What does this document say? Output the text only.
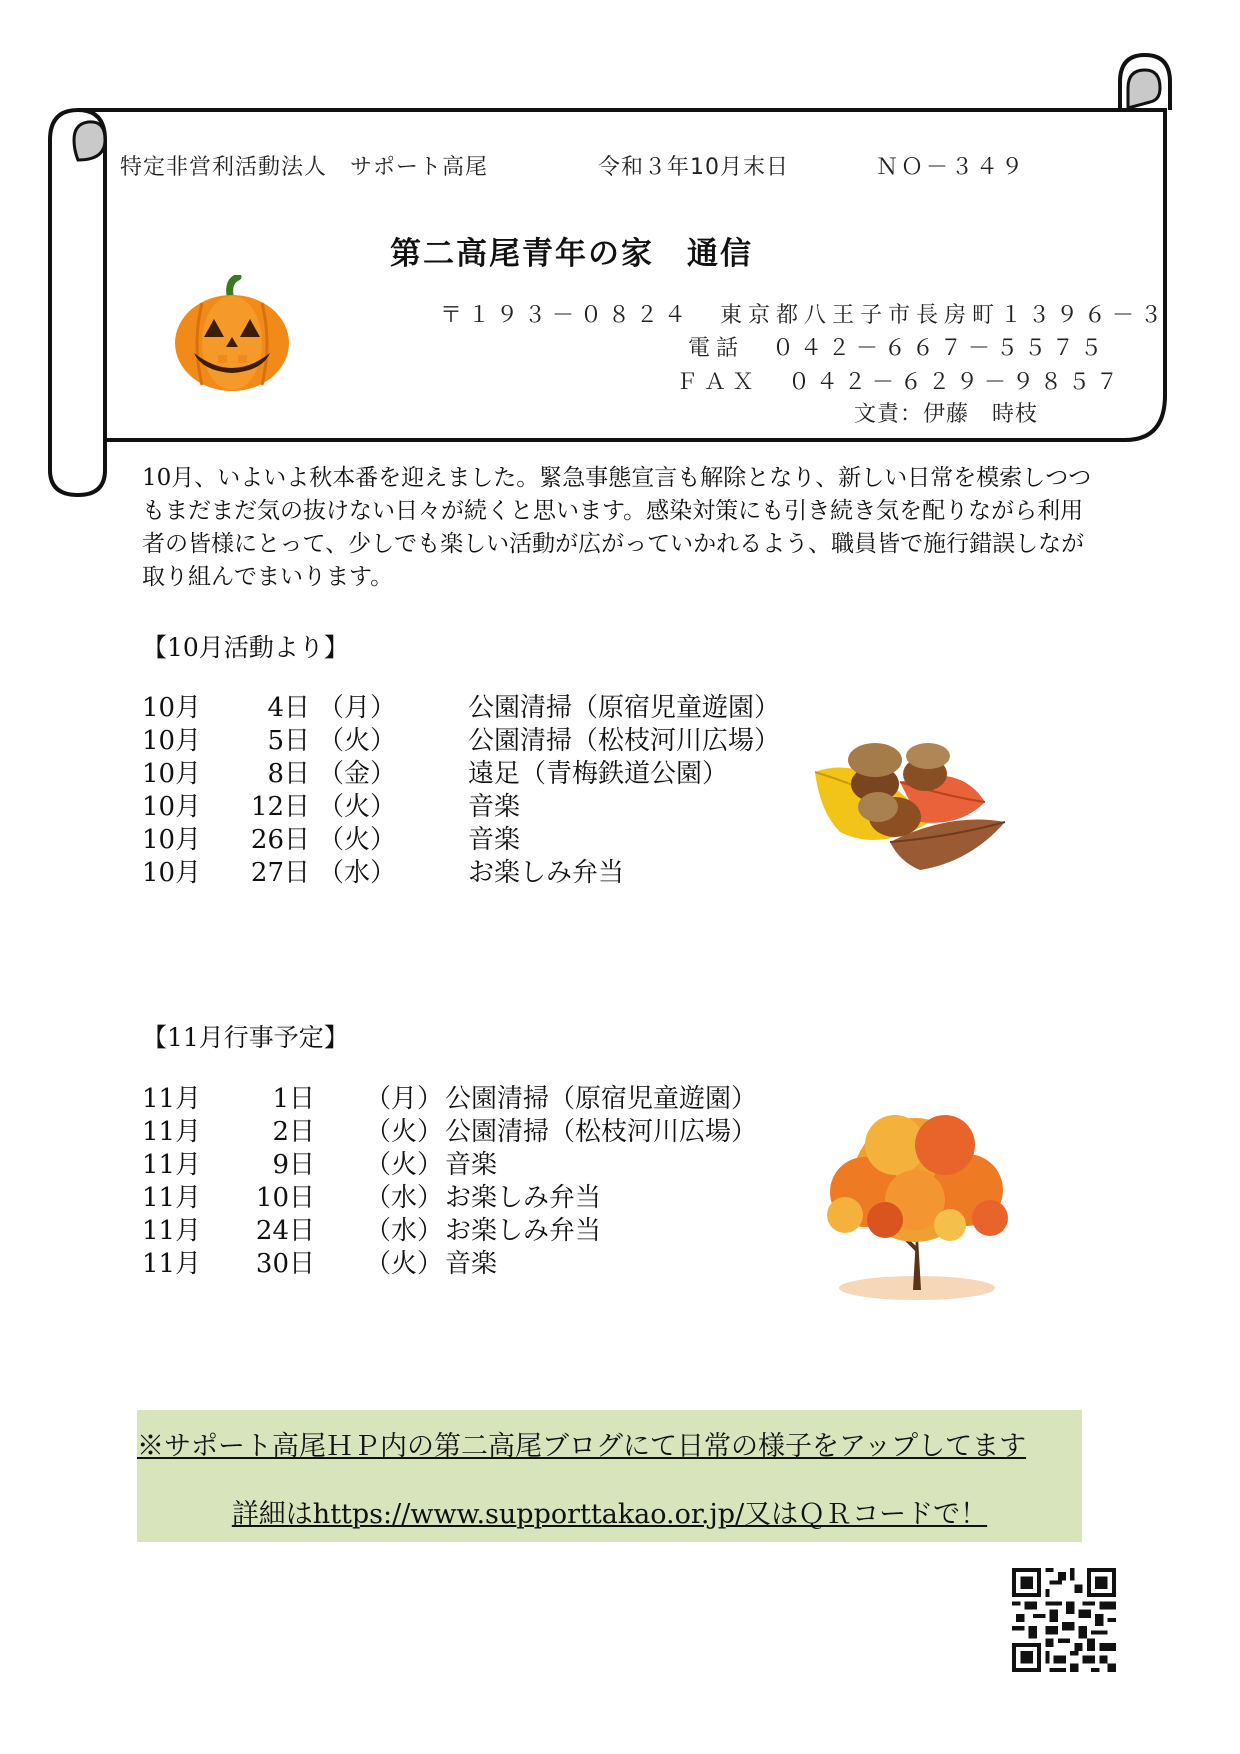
特定非営利活動法人　サポート高尾	令和３年10月末日	ＮＯ－３４９
第二高尾青年の家　通信
〒１９３－０８２４　東京都八王子市長房町１３９６－３
電話　０４２－６６７－５５７５
ＦＡＸ　０４２－６２９－９８５７
文責：伊藤　時枝

10月、いよいよ秋本番を迎えました。緊急事態宣言も解除となり、新しい日常を模索しつつ

もまだまだ気の抜けない日々が続くと思います。感染対策にも引き続き気を配りながら利用

者の皆様にとって、少しでも楽しい活動が広がっていかれるよう、職員皆で施行錯誤しなが

取り組んでまいります。

【10月活動より】
10月	4日 （月）	公園清掃（原宿児童遊園）
10月	5日 （火）	公園清掃（松枝河川広場）
10月	8日 （金）	遠足（青梅鉄道公園）
10月	12日 （火）	音楽
10月	26日 （火）	音楽
10月	27日 （水）	お楽しみ弁当
【11月行事予定】
11月	1日	（月） 公園清掃（原宿児童遊園）
11月	2日	（火） 公園清掃（松枝河川広場）
11月	9日	（火） 音楽
11月	10日	（水） お楽しみ弁当
11月	24日	（水） お楽しみ弁当
11月	30日	（火） 音楽
※サポート高尾ＨＰ内の第二高尾ブログにて日常の様子をアップしてます
詳細はhttps://www.supporttakao.or.jp/又はＱＲコードで！
